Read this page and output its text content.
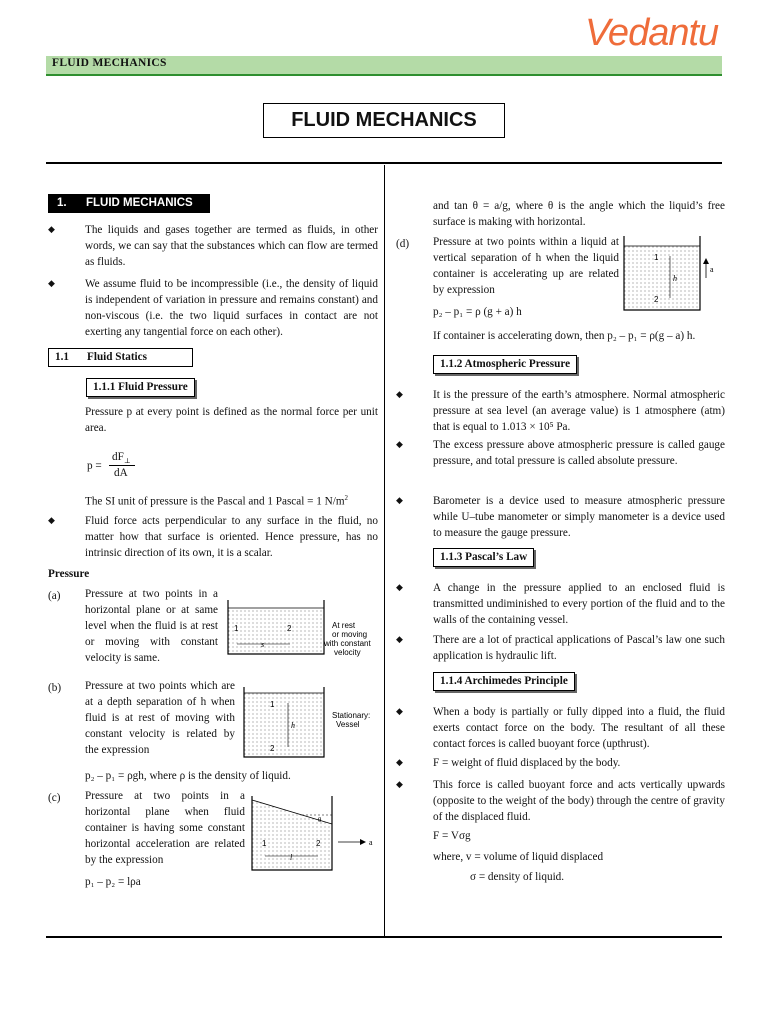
Vedantu
FLUID MECHANICS
FLUID MECHANICS
1. FLUID MECHANICS
◆	The liquids and gases together are termed as fluids, in other words, we can say that the substances which can flow are termed as fluids.
◆	We assume fluid to be incompressible (i.e., the density of liquid is independent of variation in pressure and remains constant) and non-viscous (i.e. the two liquid surfaces in contact are not exerting any tangential force on each other).
1.1 Fluid Statics

1.1.1 Fluid Pressure
Pressure p at every point is defined as the normal force per unit area.
p =
$dF_\perp$
dA
The SI unit of pressure is the Pascal and 1 Pascal = 1 $N/m^2$
◆	Fluid force acts perpendicular to any surface in the fluid, no matter how that surface is oriented. Hence pressure, has no intrinsic direction of its own, it is a scalar.
Pressure
(a) Pressure at two points in a horizontal plane or at same level when the fluid is at rest or moving with constant velocity is same.
1	2
s
At rest
or moving
with constant
velocity
(b) Pressure at two points which are at a depth separation of h when fluid is at rest of moving with constant velocity is related by the expression
1
2
h
Stationary:
Vessel
p₂ – p₁ = ρgh, where ρ is the density of liquid.
(c) Pressure at two points in a horizontal plane when fluid container is having some constant horizontal acceleration are related by the expression
p₁ – p₂ = lρa
θ
1	2
l
a
and tan θ = a/g, where θ is the angle which the liquid’s free surface is making with horizontal.
(d) Pressure at two points within a liquid at vertical separation of h when the liquid container is accelerating up are related by expression
p₂ – p₁ = ρ (g + a) h
1
2
h
a
If container is accelerating down, then p₂ – p₁ = ρ(g – a) h.
1.1.2 Atmospheric Pressure
◆	It is the pressure of the earth’s atmosphere. Normal atmospheric pressure at sea level (an average value) is 1 atmosphere (atm) that is equal to 1.013 × 10⁵ Pa.
◆	The excess pressure above atmospheric pressure is called gauge pressure, and total pressure is called absolute pressure.
◆	Barometer is a device used to measure atmospheric pressure while U–tube manometer or simply manometer is a device used to measure the gauge pressure.
1.1.3 Pascal’s Law
◆	A change in the pressure applied to an enclosed fluid is transmitted undiminished to every portion of the fluid and to the walls of the containing vessel.
◆	There are a lot of practical applications of Pascal’s law one such application is hydraulic lift.
1.1.4 Archimedes Principle
◆	When a body is partially or fully dipped into a fluid, the fluid exerts contact force on the body. The resultant of all these contact forces is called buoyant force (upthrust).
◆	F = weight of fluid displaced by the body.
◆	This force is called buoyant force and acts vertically upwards (opposite to the weight of the body) through the centre of gravity of the displaced fluid.
F = Vσg
where, v = volume of liquid displaced
σ = density of liquid.
